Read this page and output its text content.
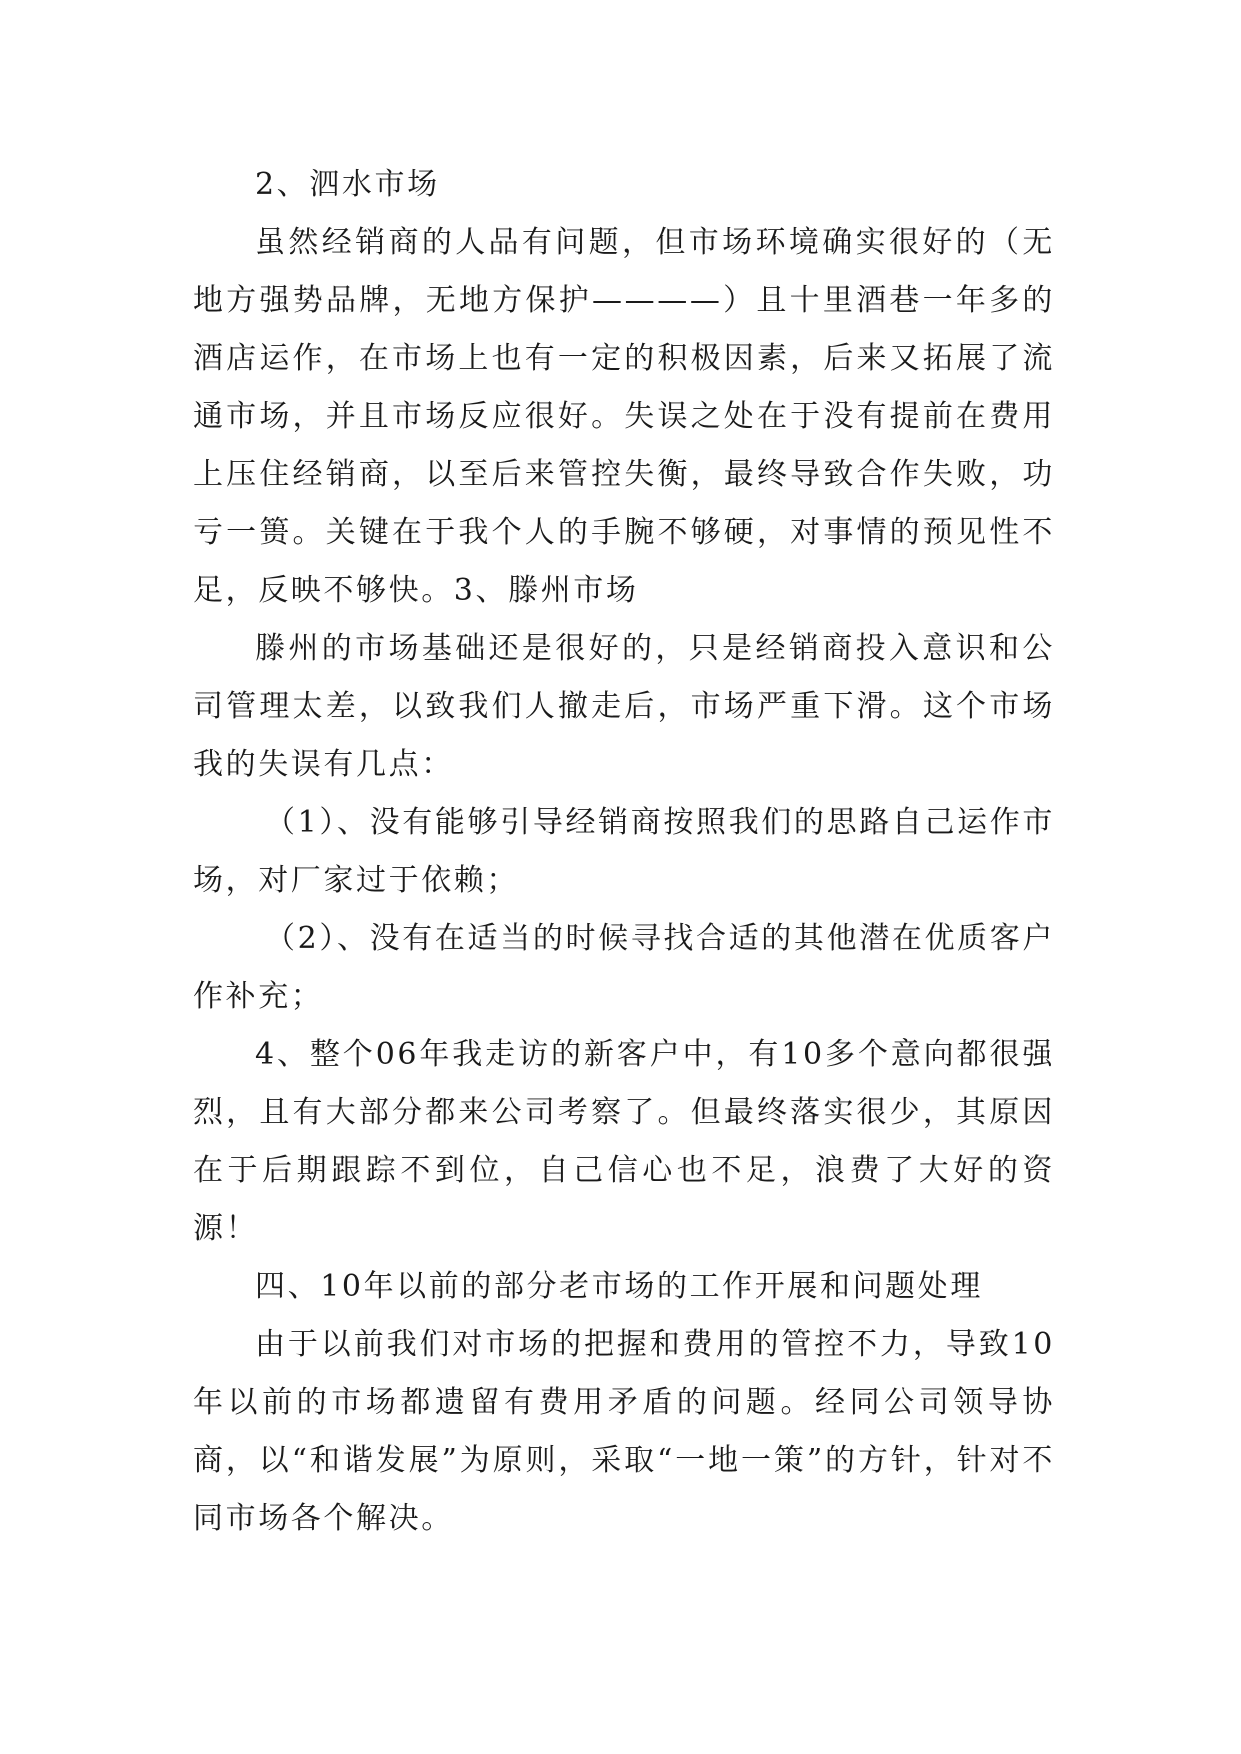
2、泗水市场

虽然经销商的人品有问题，但市场环境确实很好的（无地方强势品牌，无地方保护————）且十里酒巷一年多的酒店运作，在市场上也有一定的积极因素，后来又拓展了流通市场，并且市场反应很好。失误之处在于没有提前在费用上压住经销商，以至后来管控失衡，最终导致合作失败，功亏一篑。关键在于我个人的手腕不够硬，对事情的预见性不足，反映不够快。3、滕州市场

滕州的市场基础还是很好的，只是经销商投入意识和公司管理太差，以致我们人撤走后，市场严重下滑。这个市场我的失误有几点：

（1）、没有能够引导经销商按照我们的思路自己运作市场，对厂家过于依赖；

（2）、没有在适当的时候寻找合适的其他潜在优质客户作补充；

4、整个06年我走访的新客户中，有10多个意向都很强烈，且有大部分都来公司考察了。但最终落实很少，其原因在于后期跟踪不到位，自己信心也不足，浪费了大好的资源！

四、10年以前的部分老市场的工作开展和问题处理

由于以前我们对市场的把握和费用的管控不力，导致10年以前的市场都遗留有费用矛盾的问题。经同公司领导协商，以“和谐发展”为原则，采取“一地一策”的方针，针对不同市场各个解决。
